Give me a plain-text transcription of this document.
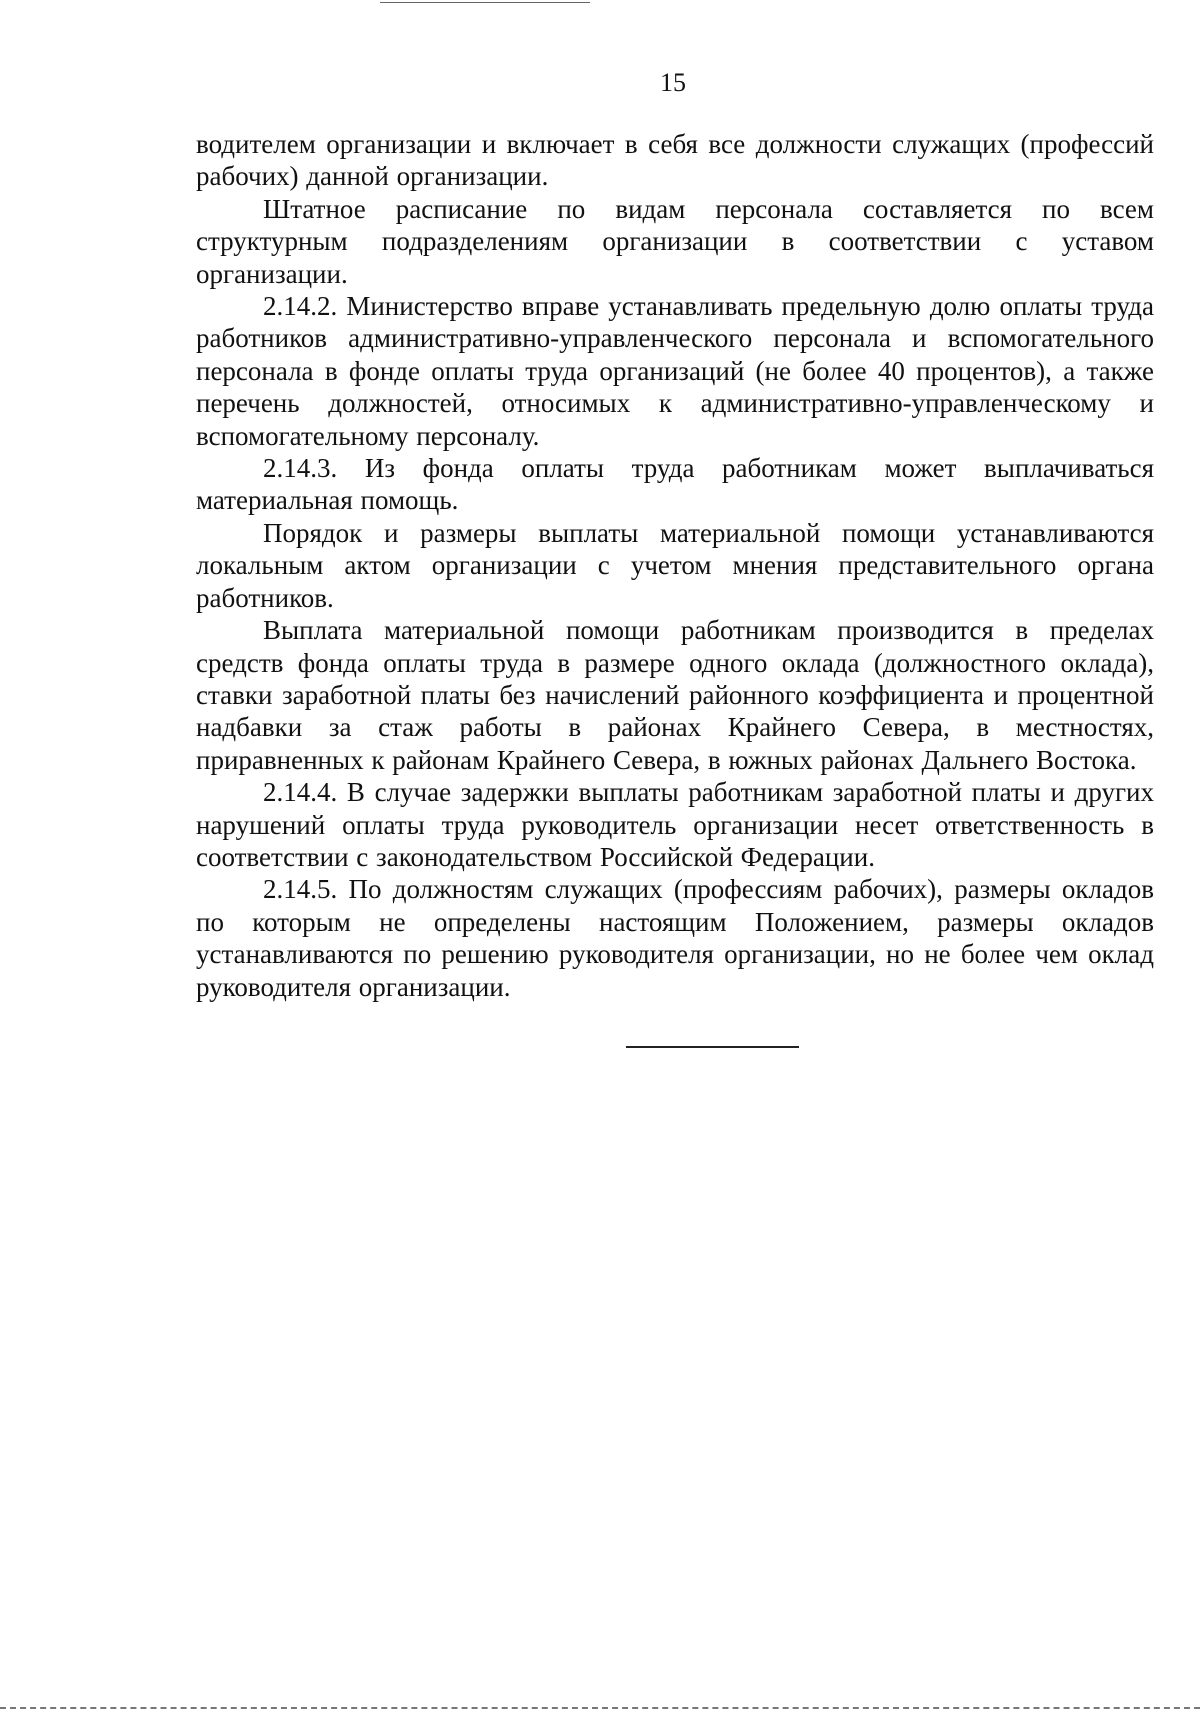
15

водителем организации и включает в себя все должности служащих (профессий рабочих) данной организации.

Штатное расписание по видам персонала составляется по всем структурным подразделениям организации в соответствии с уставом организации.

2.14.2. Министерство вправе устанавливать предельную долю оплаты труда работников административно-управленческого персонала и вспомогательного персонала в фонде оплаты труда организаций (не более 40 процентов), а также перечень должностей, относимых к административно-управленческому и вспомогательному персоналу.

2.14.3. Из фонда оплаты труда работникам может выплачиваться материальная помощь.

Порядок и размеры выплаты материальной помощи устанавливаются локальным актом организации с учетом мнения представительного органа работников.

Выплата материальной помощи работникам производится в пределах средств фонда оплаты труда в размере одного оклада (должностного оклада), ставки заработной платы без начислений районного коэффициента и процентной надбавки за стаж работы в районах Крайнего Севера, в местностях, приравненных к районам Крайнего Севера, в южных районах Дальнего Востока.

2.14.4. В случае задержки выплаты работникам заработной платы и других нарушений оплаты труда руководитель организации несет ответственность в соответствии с законодательством Российской Федерации.

2.14.5. По должностям служащих (профессиям рабочих), размеры окладов по которым не определены настоящим Положением, размеры окладов устанавливаются по решению руководителя организации, но не более чем оклад руководителя организации.
